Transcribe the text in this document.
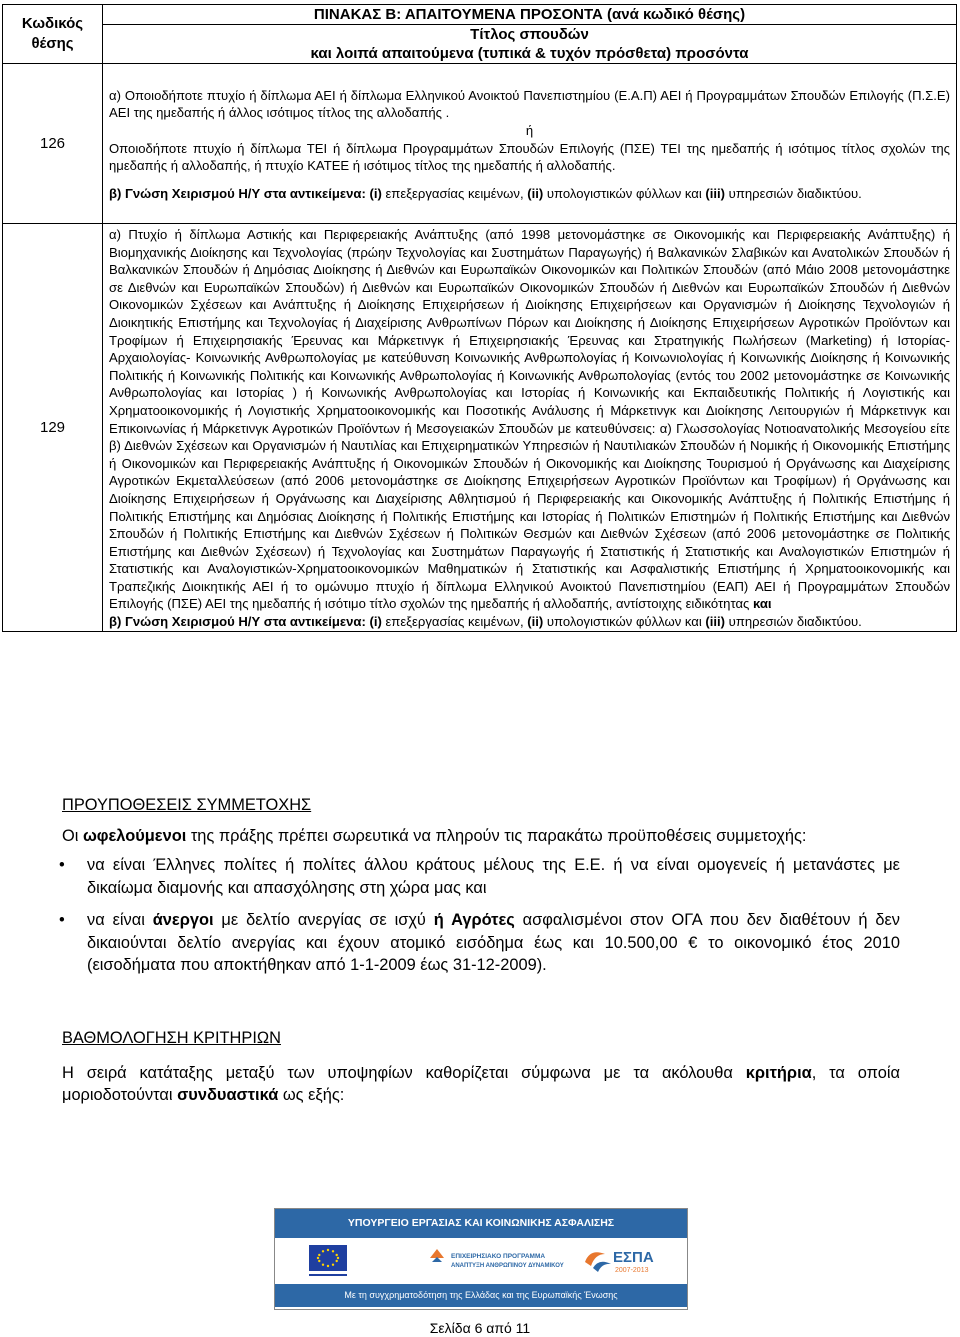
Κωδικός θέσης	ΠΙΝΑΚΑΣ Β: ΑΠΑΙΤΟΥΜΕΝΑ ΠΡΟΣΟΝΤΑ (ανά κωδικό θέσης)

	Τίτλος σπουδών
και λοιπά απαιτούμενα (τυπικά & τυχόν πρόσθετα) προσόντα

126	α) Οποιοδήποτε πτυχίο ή δίπλωμα ΑΕΙ ή δίπλωμα Ελληνικού Ανοικτού Πανεπιστημίου (Ε.Α.Π) ΑΕΙ ή Προγραμμάτων Σπουδών Επιλογής (Π.Σ.Ε) ΑΕΙ της ημεδαπής ή άλλος ισότιμος τίτλος της αλλοδαπής .

ή

Οποιοδήποτε πτυχίο ή δίπλωμα ΤΕΙ ή δίπλωμα Προγραμμάτων Σπουδών Επιλογής (ΠΣΕ) ΤΕΙ της ημεδαπής ή ισότιμος τίτλος σχολών της ημεδαπής ή αλλοδαπής, ή πτυχίο ΚΑΤΕΕ ή ισότιμος τίτλος της ημεδαπής ή αλλοδαπής.

β) Γνώση Χειρισμού Η/Υ στα αντικείμενα: (i) επεξεργασίας κειμένων, (ii) υπολογιστικών φύλλων και (iii) υπηρεσιών διαδικτύου.

129	α) Πτυχίο ή δίπλωμα Αστικής και Περιφερειακής Ανάπτυξης (από 1998 μετονομάστηκε σε Οικονομικής και Περιφερειακής Ανάπτυξης) ή Βιομηχανικής Διοίκησης και Τεχνολογίας (πρώην Τεχνολογίας και Συστημάτων Παραγωγής) ή Βαλκανικών Σλαβικών και Ανατολικών Σπουδών ή Βαλκανικών Σπουδών ή Δημόσιας Διοίκησης ή Διεθνών και Ευρωπαϊκών Οικονομικών και Πολιτικών Σπουδών (από Μάιο 2008 μετονομάστηκε σε Διεθνών και Ευρωπαϊκών Σπουδών) ή Διεθνών και Ευρωπαϊκών Οικονομικών Σπουδών ή Διεθνών και Ευρωπαϊκών Σπουδών ή Διεθνών Οικονομικών Σχέσεων και Ανάπτυξης ή Διοίκησης Επιχειρήσεων ή Διοίκησης Επιχειρήσεων και Οργανισμών ή Διοίκησης Τεχνολογιών ή Διοικητικής Επιστήμης και Τεχνολογίας ή Διαχείρισης Ανθρωπίνων Πόρων και Διοίκησης ή Διοίκησης Επιχειρήσεων Αγροτικών Προϊόντων και Τροφίμων ή Επιχειρησιακής Έρευνας και Μάρκετινγκ ή Επιχειρησιακής Έρευνας και Στρατηγικής Πωλήσεων (Marketing) ή Ιστορίας- Αρχαιολογίας- Κοινωνικής Ανθρωπολογίας με κατεύθυνση Κοινωνικής Ανθρωπολογίας ή Κοινωνιολογίας ή Κοινωνικής Διοίκησης ή Κοινωνικής Πολιτικής ή Κοινωνικής Πολιτικής και Κοινωνικής Ανθρωπολογίας ή Κοινωνικής Ανθρωπολογίας (εντός του 2002 μετονομάστηκε σε Κοινωνικής Ανθρωπολογίας και Ιστορίας ) ή Κοινωνικής Ανθρωπολογίας και Ιστορίας ή Κοινωνικής και Εκπαιδευτικής Πολιτικής ή Λογιστικής και Χρηματοοικονομικής ή Λογιστικής Χρηματοοικονομικής και Ποσοτικής Ανάλυσης ή Μάρκετινγκ και Διοίκησης Λειτουργιών ή Μάρκετινγκ και Επικοινωνίας ή Μάρκετινγκ Αγροτικών Προϊόντων ή Μεσογειακών Σπουδών με κατευθύνσεις: α) Γλωσσολογίας Νοτιοανατολικής Μεσογείου είτε β) Διεθνών Σχέσεων και Οργανισμών ή Ναυτιλίας και Επιχειρηματικών Υπηρεσιών ή Ναυτιλιακών Σπουδών ή Νομικής ή Οικονομικής Επιστήμης ή Οικονομικών και Περιφερειακής Ανάπτυξης ή Οικονομικών Σπουδών ή Οικονομικής και Διοίκησης Τουρισμού ή Οργάνωσης και Διαχείρισης Αγροτικών Εκμεταλλεύσεων (από 2006 μετονομάστηκε σε Διοίκησης Επιχειρήσεων Αγροτικών Προϊόντων και Τροφίμων) ή Οργάνωσης και Διοίκησης Επιχειρήσεων ή Οργάνωσης και Διαχείρισης Αθλητισμού ή Περιφερειακής και Οικονομικής Ανάπτυξης ή Πολιτικής Επιστήμης ή Πολιτικής Επιστήμης και Δημόσιας Διοίκησης ή Πολιτικής Επιστήμης και Ιστορίας ή Πολιτικών Επιστημών ή Πολιτικής Επιστήμης και Διεθνών Σπουδών ή Πολιτικής Επιστήμης και Διεθνών Σχέσεων ή Πολιτικών Θεσμών και Διεθνών Σχέσεων (από 2006 μετονομάστηκε σε Πολιτικής Επιστήμης και Διεθνών Σχέσεων) ή Τεχνολογίας και Συστημάτων Παραγωγής ή Στατιστικής ή Στατιστικής και Αναλογιστικών Επιστημών ή Στατιστικής και Αναλογιστικών-Χρηματοοικονομικών Μαθηματικών ή Στατιστικής και Ασφαλιστικής Επιστήμης ή Χρηματοοικονομικής και Τραπεζικής Διοικητικής ΑΕΙ ή το ομώνυμο πτυχίο ή δίπλωμα Ελληνικού Ανοικτού Πανεπιστημίου (ΕΑΠ) ΑΕΙ ή Προγραμμάτων Σπουδών Επιλογής (ΠΣΕ) ΑΕΙ της ημεδαπής ή ισότιμο τίτλο σχολών της ημεδαπής ή αλλοδαπής, αντίστοιχης ειδικότητας και

β) Γνώση Χειρισμού Η/Υ στα αντικείμενα: (i) επεξεργασίας κειμένων, (ii) υπολογιστικών φύλλων και (iii) υπηρεσιών διαδικτύου.

ΠΡΟΥΠΟΘΕΣΕΙΣ ΣΥΜΜΕΤΟΧΗΣ

Οι ωφελούμενοι της πράξης πρέπει σωρευτικά να πληρούν τις παρακάτω προϋποθέσεις συμμετοχής:

• να είναι Έλληνες πολίτες ή πολίτες άλλου κράτους μέλους της Ε.Ε. ή να είναι ομογενείς ή μετανάστες με δικαίωμα διαμονής και απασχόλησης στη χώρα μας και
• να είναι άνεργοι με δελτίο ανεργίας σε ισχύ ή Αγρότες ασφαλισμένοι στον ΟΓΑ που δεν διαθέτουν ή δεν δικαιούνται δελτίο ανεργίας και έχουν ατομικό εισόδημα έως και 10.500,00 € το οικονομικό έτος 2010 (εισοδήματα που αποκτήθηκαν από 1-1-2009 έως 31-12-2009).
ΒΑΘΜΟΛΟΓΗΣΗ ΚΡΙΤΗΡΙΩΝ

Η σειρά κατάταξης μεταξύ των υποψηφίων καθορίζεται σύμφωνα με τα ακόλουθα κριτήρια, τα οποία μοριοδοτούνται συνδυαστικά ως εξής:

ΥΠΟΥΡΓΕΙΟ ΕΡΓΑΣΙΑΣ ΚΑΙ ΚΟΙΝΩΝΙΚΗΣ ΑΣΦΑΛΙΣΗΣ
ΕΠΙΧΕΙΡΗΣΙΑΚΟ ΠΡΟΓΡΑΜΜΑ
ΑΝΑΠΤΥΞΗ ΑΝΘΡΩΠΙΝΟΥ ΔΥΝΑΜΙΚΟΥ	ΕΣΠΑ
2007-2013
Με τη συγχρηματοδότηση της Ελλάδας και της Ευρωπαϊκής Ένωσης
Σελίδα 6 από 11
